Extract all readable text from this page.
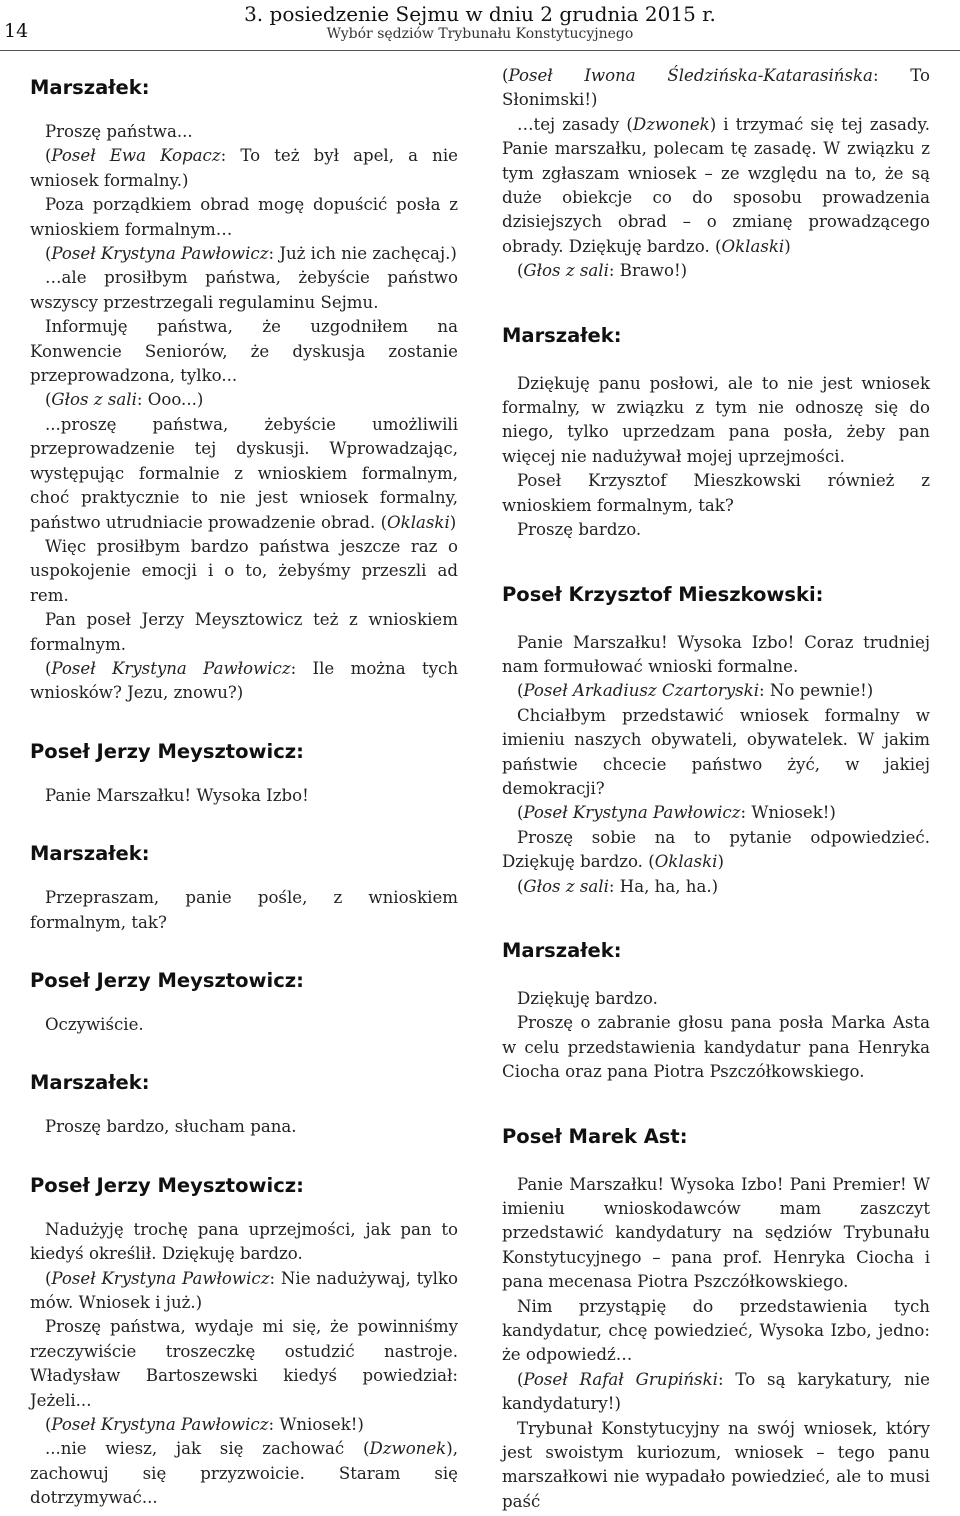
14
3. posiedzenie Sejmu w dniu 2 grudnia 2015 r.
Wybór sędziów Trybunału Konstytucyjnego
Marszałek:

Proszę państwa...

(Poseł Ewa Kopacz: To też był apel, a nie wniosek formalny.)

Poza porządkiem obrad mogę dopuścić posła z wnioskiem formalnym…

(Poseł Krystyna Pawłowicz: Już ich nie zachęcaj.)

…ale prosiłbym państwa, żebyście państwo wszyscy przestrzegali regulaminu Sejmu.

Informuję państwa, że uzgodniłem na Konwencie Seniorów, że dyskusja zostanie przeprowadzona, tylko...

(Głos z sali: Ooo...)

...proszę państwa, żebyście umożliwili przeprowadzenie tej dyskusji. Wprowadzając, występując formalnie z wnioskiem formalnym, choć praktycznie to nie jest wniosek formalny, państwo utrudniacie prowadzenie obrad. (Oklaski)

Więc prosiłbym bardzo państwa jeszcze raz o uspokojenie emocji i o to, żebyśmy przeszli ad rem.

Pan poseł Jerzy Meysztowicz też z wnioskiem formalnym.

(Poseł Krystyna Pawłowicz: Ile można tych wniosków? Jezu, znowu?)

Poseł Jerzy Meysztowicz:

Panie Marszałku! Wysoka Izbo!

Marszałek:

Przepraszam, panie pośle, z wnioskiem formalnym, tak?

Poseł Jerzy Meysztowicz:

Oczywiście.

Marszałek:

Proszę bardzo, słucham pana.

Poseł Jerzy Meysztowicz:

Nadużyję trochę pana uprzejmości, jak pan to kiedyś określił. Dziękuję bardzo.

(Poseł Krystyna Pawłowicz: Nie nadużywaj, tylko mów. Wniosek i już.)

Proszę państwa, wydaje mi się, że powinniśmy rzeczywiście troszeczkę ostudzić nastroje. Władysław Bartoszewski kiedyś powiedział: Jeżeli...

(Poseł Krystyna Pawłowicz: Wniosek!)

...nie wiesz, jak się zachować (Dzwonek), zachowuj się przyzwoicie. Staram się dotrzymywać...

(Poseł Iwona Śledzińska-Katarasińska: To Słonimski!)

…tej zasady (Dzwonek) i trzymać się tej zasady. Panie marszałku, polecam tę zasadę. W związku z tym zgłaszam wniosek – ze względu na to, że są duże obiekcje co do sposobu prowadzenia dzisiejszych obrad – o zmianę prowadzącego obrady. Dziękuję bardzo. (Oklaski)

(Głos z sali: Brawo!)

Marszałek:

Dziękuję panu posłowi, ale to nie jest wniosek formalny, w związku z tym nie odnoszę się do niego, tylko uprzedzam pana posła, żeby pan więcej nie nadużywał mojej uprzejmości.

Poseł Krzysztof Mieszkowski również z wnioskiem formalnym, tak?

Proszę bardzo.

Poseł Krzysztof Mieszkowski:

Panie Marszałku! Wysoka Izbo! Coraz trudniej nam formułować wnioski formalne.

(Poseł Arkadiusz Czartoryski: No pewnie!)

Chciałbym przedstawić wniosek formalny w imieniu naszych obywateli, obywatelek. W jakim państwie chcecie państwo żyć, w jakiej demokracji?

(Poseł Krystyna Pawłowicz: Wniosek!)

Proszę sobie na to pytanie odpowiedzieć. Dziękuję bardzo. (Oklaski)

(Głos z sali: Ha, ha, ha.)

Marszałek:

Dziękuję bardzo.

Proszę o zabranie głosu pana posła Marka Asta w celu przedstawienia kandydatur pana Henryka Ciocha oraz pana Piotra Pszczółkowskiego.

Poseł Marek Ast:

Panie Marszałku! Wysoka Izbo! Pani Premier! W imieniu wnioskodawców mam zaszczyt przedstawić kandydatury na sędziów Trybunału Konstytucyjnego – pana prof. Henryka Ciocha i pana mecenasa Piotra Pszczółkowskiego.

Nim przystąpię do przedstawienia tych kandydatur, chcę powiedzieć, Wysoka Izbo, jedno: że odpowiedź…

(Poseł Rafał Grupiński: To są karykatury, nie kandydatury!)

Trybunał Konstytucyjny na swój wniosek, który jest swoistym kuriozum, wniosek – tego panu marszałkowi nie wypadało powiedzieć, ale to musi paść
